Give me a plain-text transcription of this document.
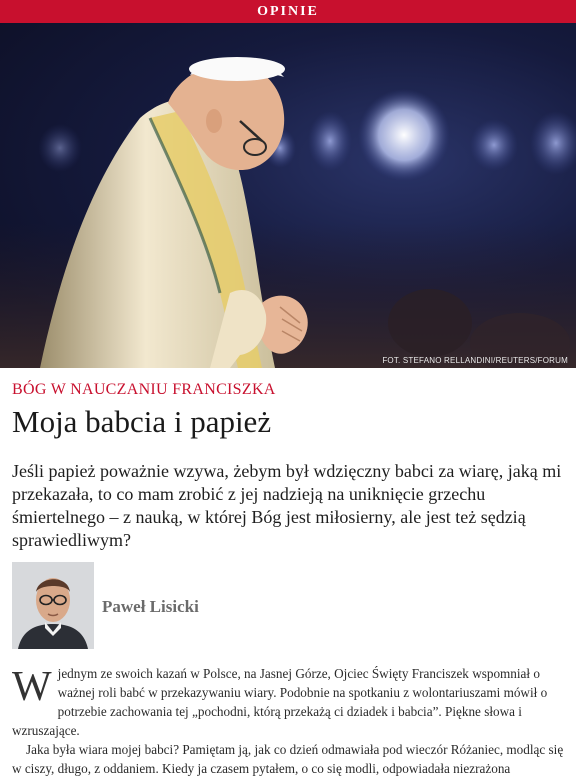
OPINIE
FOT. STEFANO RELLANDINI/REUTERS/FORUM
BÓG W NAUCZANIU FRANCISZKA
Moja babcia i papież

Jeśli papież poważnie wzywa, żebym był wdzięczny babci za wiarę, jaką mi przekazała, to co mam zrobić z jej nadzieją na uniknięcie grzechu śmiertelnego – z nauką, w której Bóg jest miłosierny, ale jest też sędzią sprawiedliwym?

Paweł Lisicki
W jednym ze swoich kazań w Polsce, na Jasnej Górze, Ojciec Święty Franciszek wspomniał o ważnej roli babć w przekazywaniu wiary. Podobnie na spotkaniu z wolontariuszami mówił o potrzebie zachowania tej „pochodni, którą przekażą ci dziadek i babcia”. Piękne słowa i wzruszające.

Jaka była wiara mojej babci? Pamiętam ją, jak co dzień odmawiała pod wieczór Różaniec, modląc się w ciszy, długo, z oddaniem. Kiedy ja czasem pytałem, o co się modli, odpowiadała niezrażona
